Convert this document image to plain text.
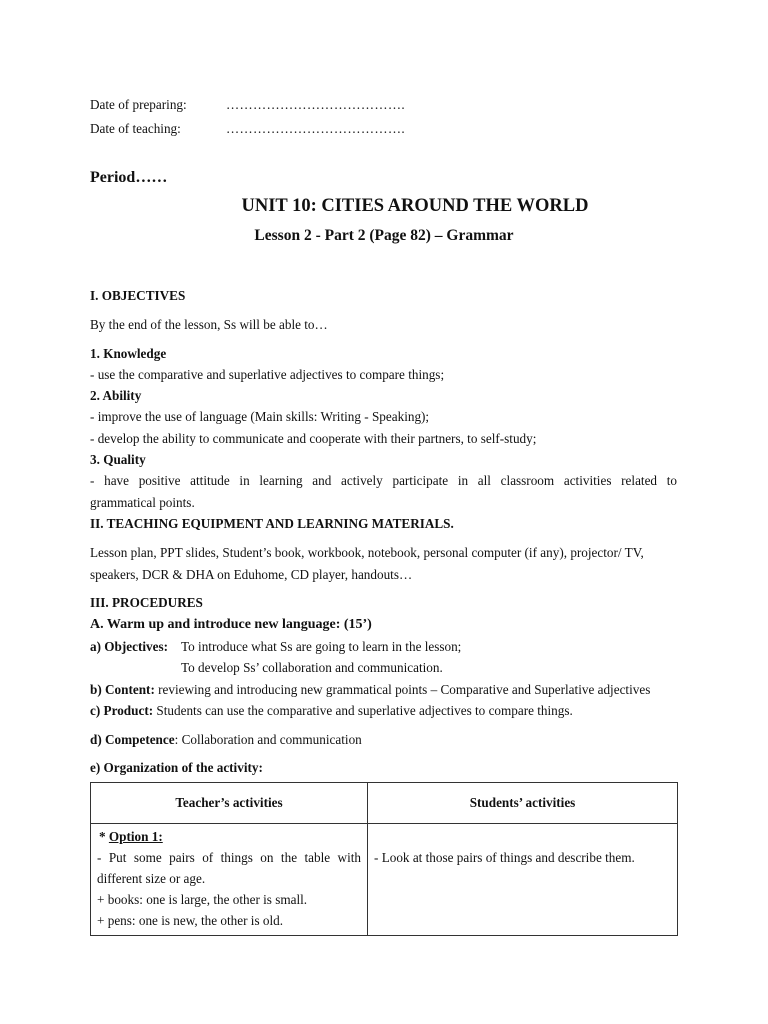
Date of preparing:	………………………………….
Date of teaching:	………………………………….
Period……
UNIT 10: CITIES AROUND THE WORLD
Lesson 2 - Part 2 (Page 82) – Grammar
I. OBJECTIVES
By the end of the lesson, Ss will be able to…
1. Knowledge
- use the comparative and superlative adjectives to compare things;
2. Ability
- improve the use of language (Main skills: Writing - Speaking);
- develop the ability to communicate and cooperate with their partners, to self-study;
3. Quality
- have positive attitude in learning and actively participate in all classroom activities related to
grammatical points.
II. TEACHING EQUIPMENT AND LEARNING MATERIALS.
Lesson plan, PPT slides, Student’s book, workbook, notebook, personal computer (if any), projector/ TV,
speakers, DCR & DHA on Eduhome, CD player, handouts…
III. PROCEDURES
A. Warm up and introduce new language: (15’)
a) Objectives: To introduce what Ss are going to learn in the lesson;
To develop Ss’ collaboration and communication.
b) Content: reviewing and introducing new grammatical points – Comparative and Superlative adjectives
c) Product: Students can use the comparative and superlative adjectives to compare things.
d) Competence: Collaboration and communication
e) Organization of the activity:
Teacher’s activities	Students’ activities

* Option 1:
- Put some pairs of things on the table with
different size or age.
+ books: one is large, the other is small.
+ pens: one is new, the other is old.	- Look at those pairs of things and describe them.
